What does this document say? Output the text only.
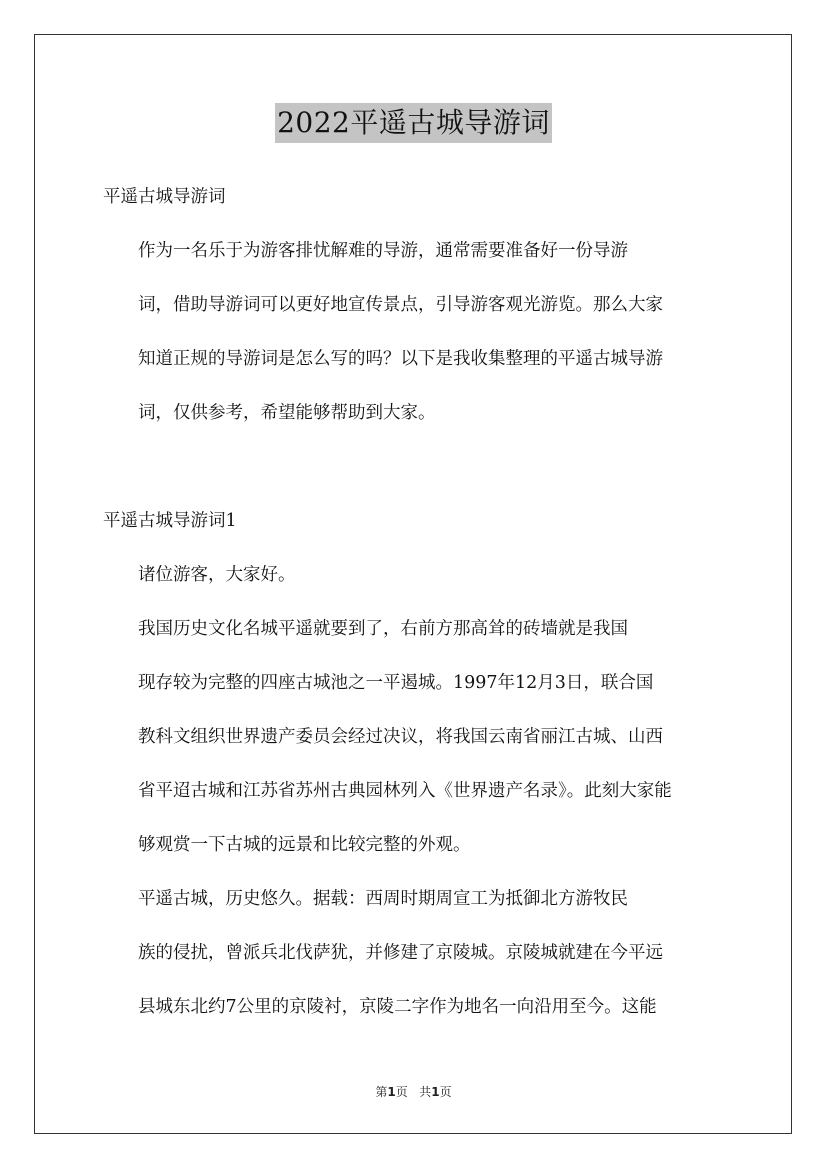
2022平遥古城导游词

平遥古城导游词

作为一名乐于为游客排忧解难的导游，通常需要准备好一份导游
词，借助导游词可以更好地宣传景点，引导游客观光游览。那么大家
知道正规的导游词是怎么写的吗？以下是我收集整理的平遥古城导游
词，仅供参考，希望能够帮助到大家。

平遥古城导游词1

诸位游客，大家好。

我国历史文化名城平遥就要到了，右前方那高耸的砖墙就是我国
现存较为完整的四座古城池之一平遏城。1997年12月3日，联合国
教科文组织世界遗产委员会经过决议，将我国云南省丽江古城、山西
省平迢古城和江苏省苏州古典园林列入《世界遗产名录》。此刻大家能
够观赏一下古城的远景和比较完整的外观。

平遥古城，历史悠久。据载：西周时期周宣工为抵御北方游牧民
族的侵扰，曾派兵北伐萨犹，并修建了京陵城。京陵城就建在今平远
县城东北约7公里的京陵衬，京陵二字作为地名一向沿用至今。这能

第1页 共1页
